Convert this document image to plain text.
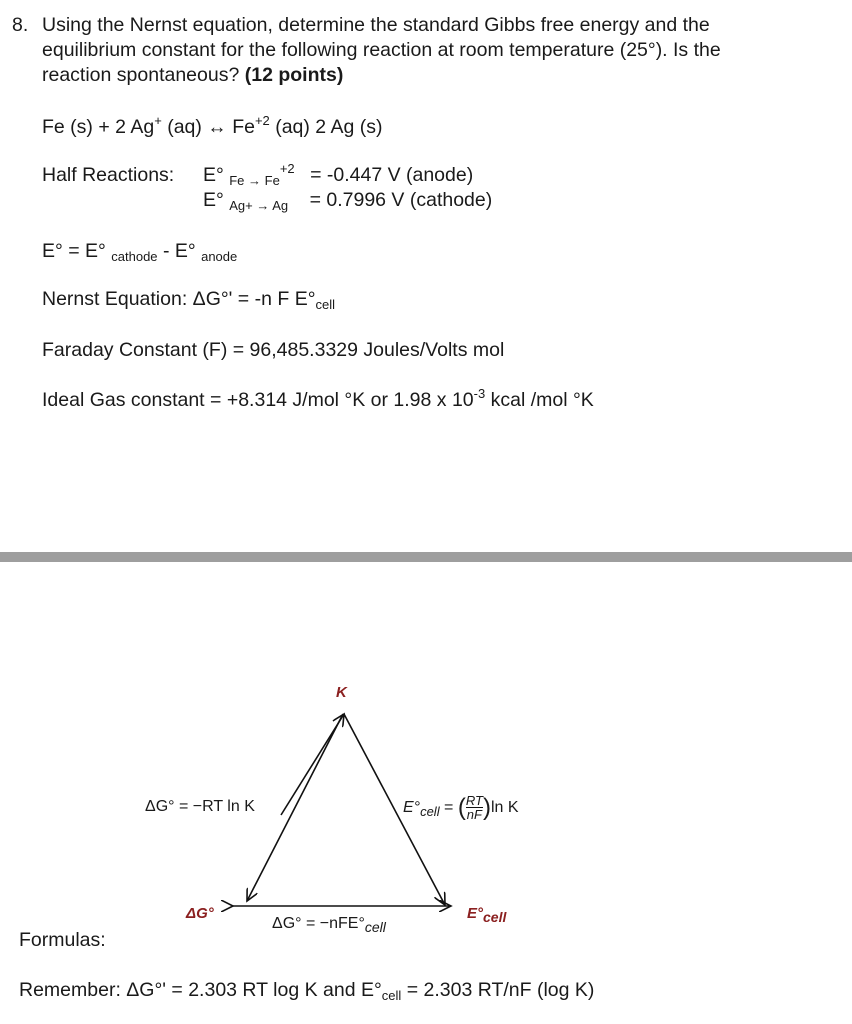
8. Using the Nernst equation, determine the standard Gibbs free energy and the
equilibrium constant for the following reaction at room temperature (25°). Is the
reaction spontaneous? (12 points)
Fe (s) + 2 Ag+ (aq) ↔ $Fe^{+2}$ (aq) 2 Ag (s)
Half Reactions: E° $_{Fe \to Fe}^{+2}$ = -0.447 V (anode)
E° $_{Ag+ \to Ag}$ = 0.7996 V (cathode)
E° = E° $_{cathode}$ - E° $_{anode}$
Nernst Equation: ΔG°' = -n F $E^\circ_{cell}$
Faraday Constant (F) = 96,485.3329 Joules/Volts mol
Ideal Gas constant = +8.314 J/mol °K or 1.98 x $10^{-3}$ kcal /mol °K
K
ΔG° = −RT ln K	$E^\circ_{cell}$ = ( $\frac{RT}{nF} )\ln$ K
ΔG°
ΔG° = −nFE°cell
E°cell
Formulas:
Remember: ΔG°' = 2.303 RT log K and $E^\circ_{cell} = 2.303$ RT/nF (log K)
